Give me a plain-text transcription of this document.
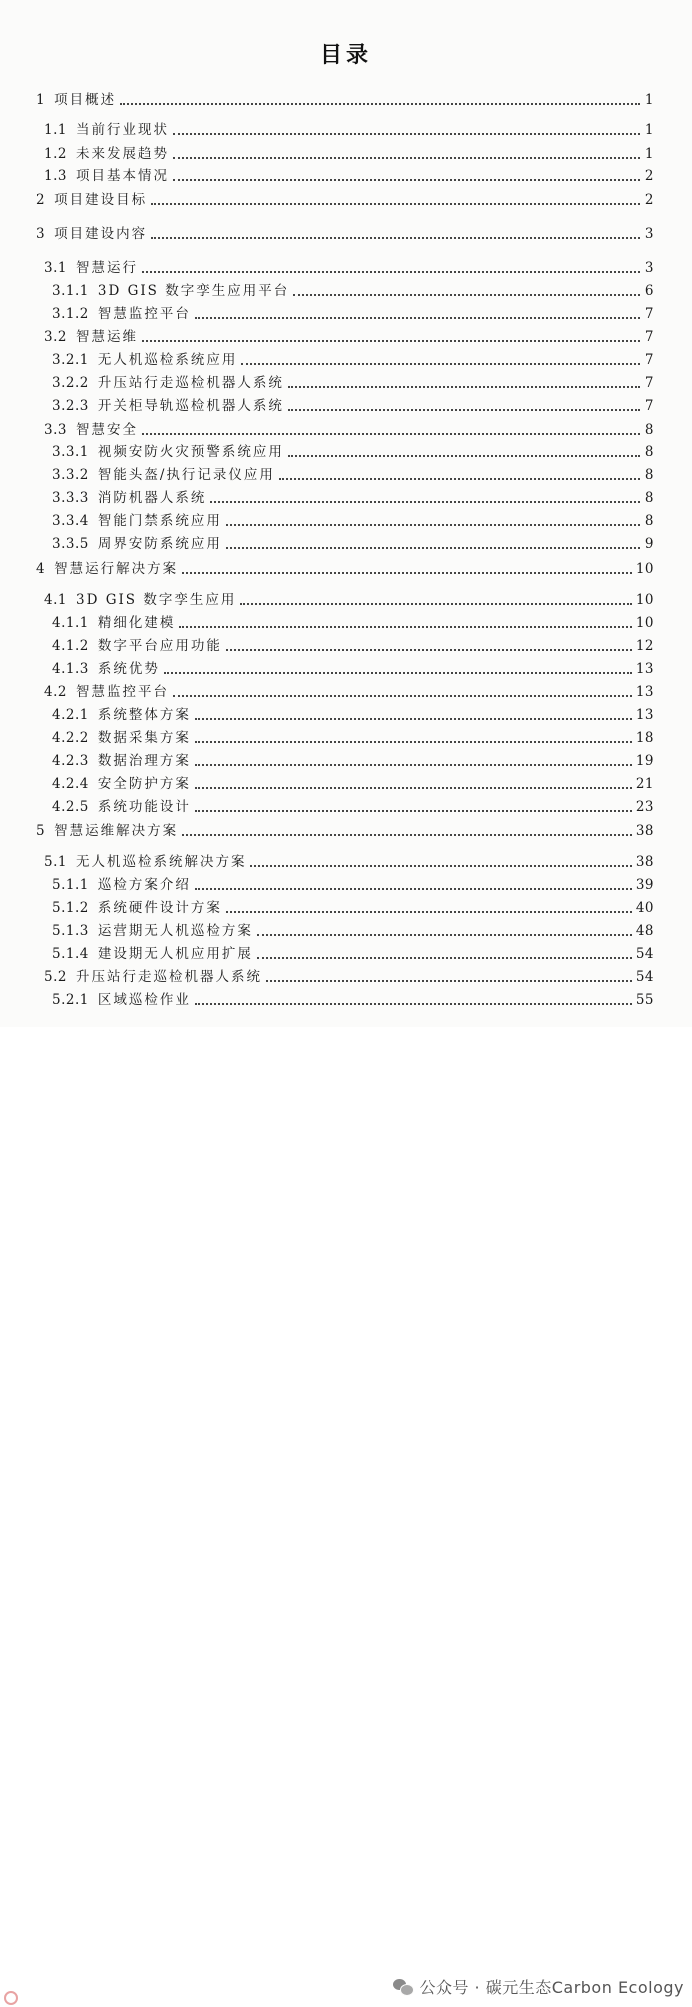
目录
1 项目概述	1
1.1 当前行业现状	1
1.2 未来发展趋势	1
1.3 项目基本情况	2
2 项目建设目标	2
3 项目建设内容	3
3.1 智慧运行	3
3.1.1 3D GIS 数字孪生应用平台	6
3.1.2 智慧监控平台	7
3.2 智慧运维	7
3.2.1 无人机巡检系统应用	7
3.2.2 升压站行走巡检机器人系统	7
3.2.3 开关柜导轨巡检机器人系统	7
3.3 智慧安全	8
3.3.1 视频安防火灾预警系统应用	8
3.3.2 智能头盔/执行记录仪应用	8
3.3.3 消防机器人系统	8
3.3.4 智能门禁系统应用	8
3.3.5 周界安防系统应用	9
4 智慧运行解决方案	10
4.1 3D GIS 数字孪生应用	10
4.1.1 精细化建模	10
4.1.2 数字平台应用功能	12
4.1.3 系统优势	13
4.2 智慧监控平台	13
4.2.1 系统整体方案	13
4.2.2 数据采集方案	18
4.2.3 数据治理方案	19
4.2.4 安全防护方案	21
4.2.5 系统功能设计	23
5 智慧运维解决方案	38
5.1 无人机巡检系统解决方案	38
5.1.1 巡检方案介绍	39
5.1.2 系统硬件设计方案	40
5.1.3 运营期无人机巡检方案	48
5.1.4 建设期无人机应用扩展	54
5.2 升压站行走巡检机器人系统	54
5.2.1 区域巡检作业	55
公众号 · 碳元生态Carbon Ecology
